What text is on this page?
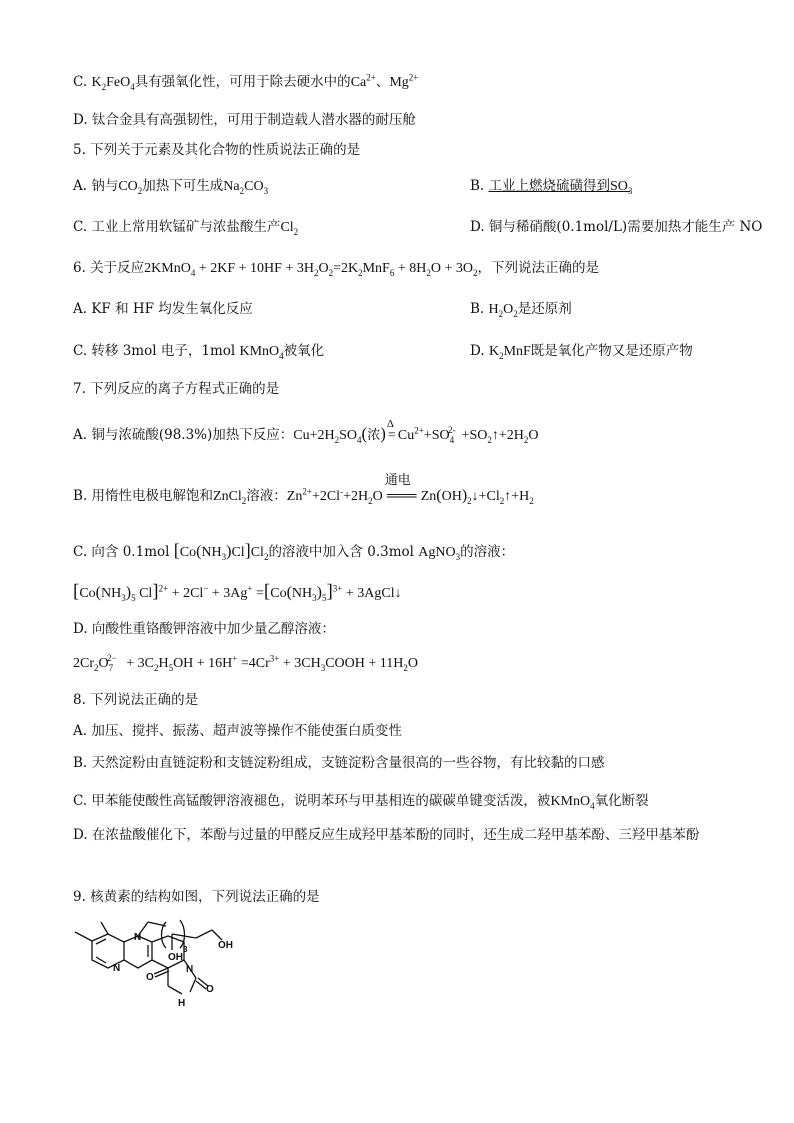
C. $K_2FeO_4$具有强氧化性，可用于除去硬水中的$Ca^{2+}$、$Mg^{2+}$
D. 钛合金具有高强韧性，可用于制造载人潜水器的耐压舱
5. 下列关于元素及其化合物的性质说法正确的是
A. 钠与$CO_2$加热下可生成$Na_2CO_3$	B. 工业上燃烧硫磺得到$SO_3$
C. 工业上常用软锰矿与浓盐酸生产$Cl_2$	D. 铜与稀硝酸(0.1mol/L)需要加热才能生产 NO
6. 关于反应2KMnO$_4$ + $2KF + 10HF + 3H_2O_2=2K_2MnF_6 + 8H_2O + 3O_2$，下列说法正确的是
A. KF 和 HF 均发生氧化反应	B. $H_2O_2$是还原剂
C. 转移 3mol 电子，1mol KMnO$_4$被氧化	D. $K_2MnF$既是氧化产物又是还原产物
7. 下列反应的离子方程式正确的是
A. 铜与浓硫酸(98.3%)加热下反应：$Cu+2H_2SO_4$(浓) Δ
= $Cu^{2+}+SO_4^{2-}$ $+SO_2↑+2H_2O$
B. 用惰性电极电解饱和ZnCl$_2$溶液：$Zn^{2+}+2Cl^-+2H_2O$
通电
═══ $Zn(OH)_2↓+Cl_2↑+H_2$
C. 向含 0.1mol $[Co(NH_3)Cl]Cl_2$的溶液中加入含 0.3mol AgNO$_3$的溶液：
[$Co(NH_3)_5$ $Cl]^{2+} + 2Cl^- + 3Ag^+ =[Co(NH_3)_5]^{3+}$ + 3AgCl↓
D. 向酸性重铬酸钾溶液中加少量乙醇溶液：
$2Cr_2O_7^{2-} + 3C_2H_5OH + 16H^+ =4Cr^{3+}$ + $3CH_3COOH + 11H_2O$
8. 下列说法正确的是
A. 加压、搅拌、振荡、超声波等操作不能使蛋白质变性
B. 天然淀粉由直链淀粉和支链淀粉组成，支链淀粉含量很高的一些谷物，有比较黏的口感
C. 甲苯能使酸性高锰酸钾溶液褪色，说明苯环与甲基相连的碳碳单键变活泼，被KMnO$_4$氧化断裂
D. 在浓盐酸催化下，苯酚与过量的甲醛反应生成羟甲基苯酚的同时，还生成二羟甲基苯酚、三羟甲基苯酚
9. 核黄素的结构如图，下列说法正确的是
N
N	N
H
O
O
OH
OH
3
